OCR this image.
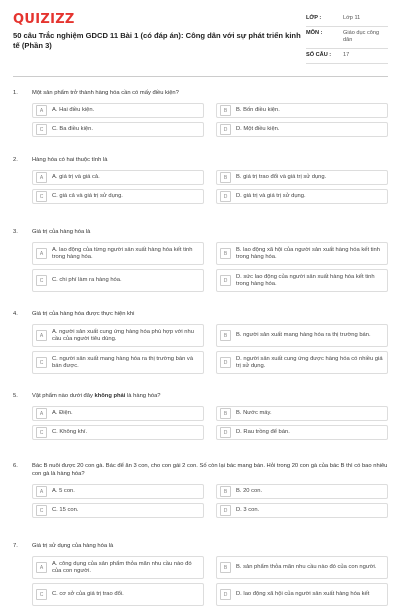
QUIZIZZ
50 câu Trắc nghiệm GDCD 11 Bài 1 (có đáp án): Công dân với sự phát triển kinh tế (Phần 3)
LỚP :	Lớp 11
MÔN :	Giáo dục công dân
SỐ CÂU :	17
1.	Một sản phẩm trở thành hàng hóa cần có mấy điều kiện?
A	A. Hai điều kiện.	B	B. Bốn điều kiện.
C	C. Ba điều kiện.	D	D. Một điều kiện.
2.	Hàng hóa có hai thuộc tính là
A	A. giá trị và giá cả.	B	B. giá trị trao đổi và giá trị sử dụng.
C	C. giá cả và giá trị sử dụng.	D	D. giá trị và giá trị sử dụng.
3.	Giá trị của hàng hóa là
A
A. lao động của từng người sản xuất hàng hóa kết tinh trong hàng hóa.	B
B. lao động xã hội của người sản xuất hàng hóa kết tinh trong hàng hóa.
C	C. chi phí làm ra hàng hóa.	D
D. sức lao động của người sản xuất hàng hóa kết tinh trong hàng hóa.
4.	Giá trị của hàng hóa được thực hiện khi
A
A. người sản xuất cung ứng hàng hóa phù hợp với nhu cầu của người tiêu dùng.	B	B. người sản xuất mang hàng hóa ra thị trường bán.
C
C. người sản xuất mang hàng hóa ra thị trường bán và bán được.	D
D. người sản xuất cung ứng được hàng hóa có nhiều giá trị sử dụng.
5.	Vật phẩm nào dưới đây không phải là hàng hóa?
A	A. Điện.	B	B. Nước máy.
C	C. Không khí.	D	D. Rau trồng để bán.
6.	Bác B nuôi được 20 con gà. Bác để ăn 3 con, cho con gái 2 con. Số còn lại bác mang bán. Hỏi trong 20 con gà của bác B thì có bao nhiêu con gà là hàng hóa?
A	A. 5 con.	B	B. 20 con.
C	C. 15 con.	D	D. 3 con.
7.	Giá trị sử dụng của hàng hóa là
A
A. công dụng của sản phẩm thỏa mãn nhu cầu nào đó của con người.	B	B. sản phẩm thỏa mãn nhu cầu nào đó của con người.
C	C. cơ sở của giá trị trao đổi.	D	D. lao động xã hội của người sản xuất hàng hóa kết
